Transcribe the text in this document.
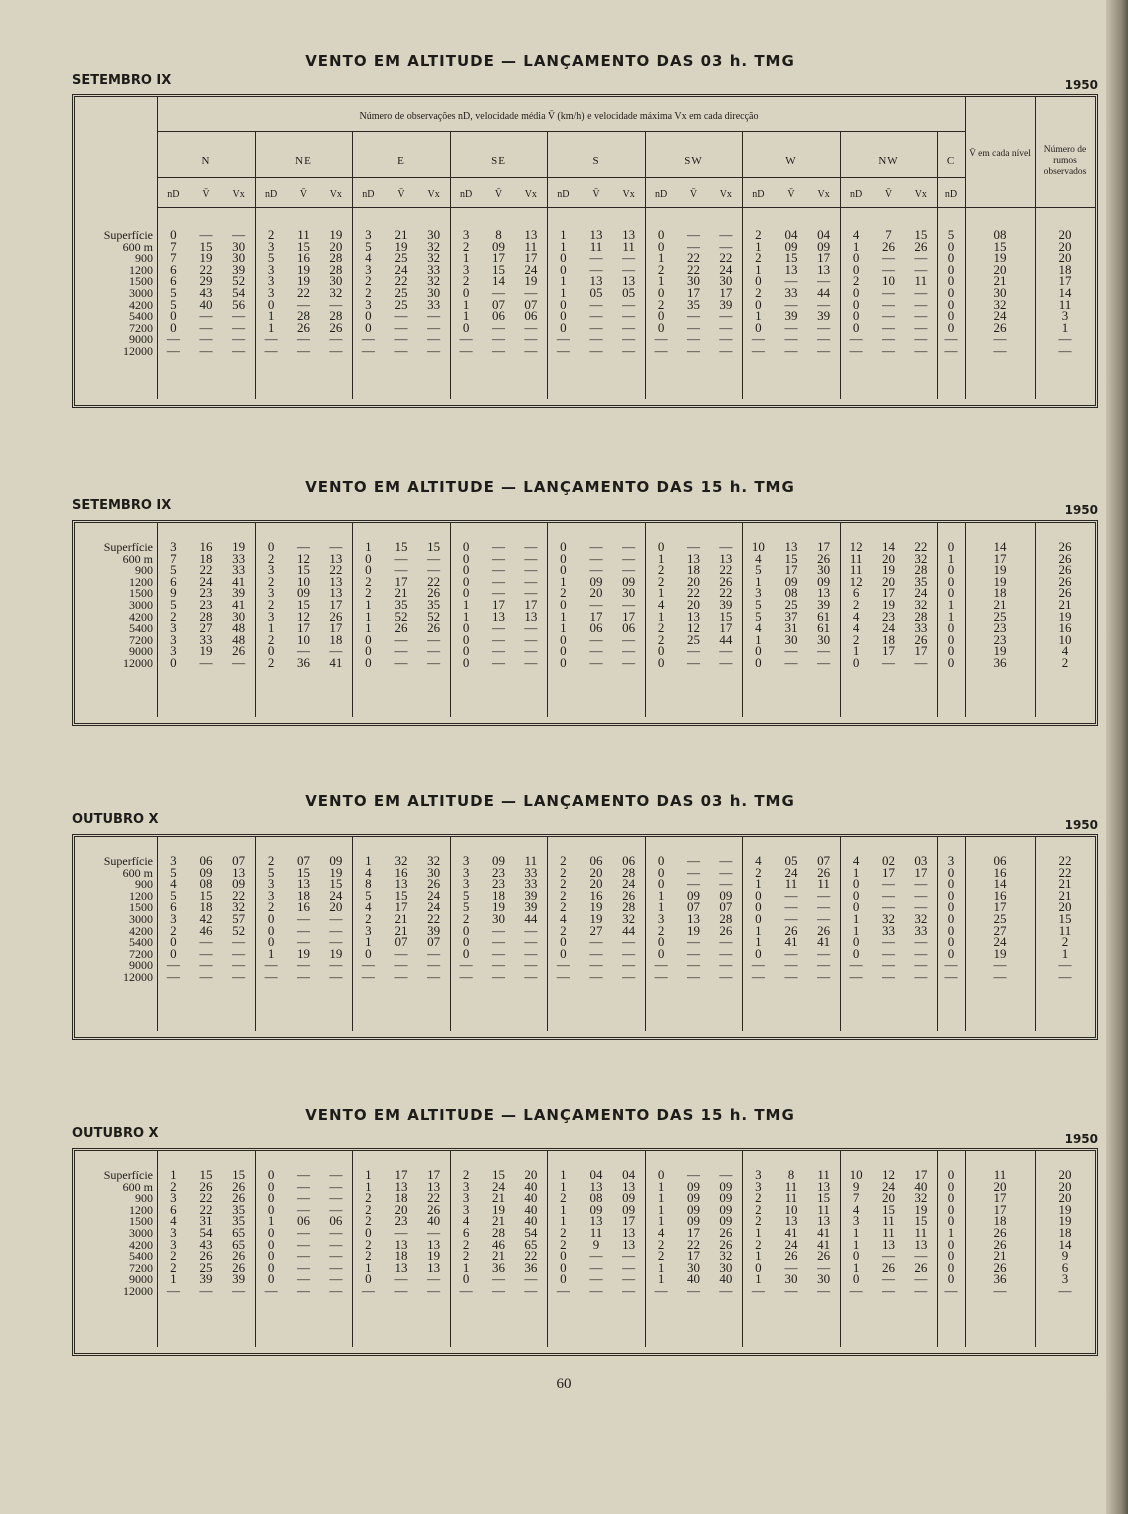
VENTO EM ALTITUDE — LANÇAMENTO DAS 03 h. TMG
SETEMBRO IX	1950
Número de observações nD, velocidade média V̄ (km/h) e velocidade máxima Vx em cada direcção
N	NE	E	SE	S	SW	W	NW	C
nD	V̄	Vx	nD	V̄	Vx	nD	V̄	Vx	nD	V̄	Vx	nD	V̄	Vx	nD	V̄	Vx	nD	V̄	Vx	nD	V̄	Vx	nD
V̄ em cada nível	Número de rumos observados
Superfície	0	—	—	2	11	19	3	21	30	3	8	13	1	13	13	0	—	—	2	04	04	4	7	15	5	08	20
600 m	7	15	30	3	15	20	5	19	32	2	09	11	1	11	11	0	—	—	1	09	09	1	26	26	0	15	20
900	7	19	30	5	16	28	4	25	32	1	17	17	0	—	—	1	22	22	2	15	17	0	—	—	0	19	20
1200	6	22	39	3	19	28	3	24	33	3	15	24	0	—	—	2	22	24	1	13	13	0	—	—	0	20	18
1500	6	29	52	3	19	30	2	22	32	2	14	19	1	13	13	1	30	30	0	—	—	2	10	11	0	21	17
3000	5	43	54	3	22	32	2	25	30	0	—	—	1	05	05	0	17	17	2	33	44	0	—	—	0	30	14
4200	5	40	56	0	—	—	3	25	33	1	07	07	0	—	—	2	35	39	0	—	—	0	—	—	0	32	11
5400	0	—	—	1	28	28	0	—	—	1	06	06	0	—	—	0	—	—	1	39	39	0	—	—	0	24	3
7200	0	—	—	1	26	26	0	—	—	0	—	—	0	—	—	0	—	—	0	—	—	0	—	—	0	26	1
9000	—	—	—	—	—	—	—	—	—	—	—	—	—	—	—	—	—	—	—	—	—	—	—	—	—	—	—
12000	—	—	—	—	—	—	—	—	—	—	—	—	—	—	—	—	—	—	—	—	—	—	—	—	—	—	—
VENTO EM ALTITUDE — LANÇAMENTO DAS 15 h. TMG
SETEMBRO IX	1950
Superfície	3	16	19	0	—	—	1	15	15	0	—	—	0	—	—	0	—	—	10	13	17	12	14	22	0	14	26
600 m	7	18	33	2	12	13	0	—	—	0	—	—	0	—	—	1	13	13	4	15	26	11	20	32	1	17	26
900	5	22	33	3	15	22	0	—	—	0	—	—	0	—	—	2	18	22	5	17	30	11	19	28	0	19	26
1200	6	24	41	2	10	13	2	17	22	0	—	—	1	09	09	2	20	26	1	09	09	12	20	35	0	19	26
1500	9	23	39	3	09	13	2	21	26	0	—	—	2	20	30	1	22	22	3	08	13	6	17	24	0	18	26
3000	5	23	41	2	15	17	1	35	35	1	17	17	0	—	—	4	20	39	5	25	39	2	19	32	1	21	21
4200	2	28	30	3	12	26	1	52	52	1	13	13	1	17	17	1	13	15	5	37	61	4	23	28	1	25	19
5400	3	27	48	1	17	17	1	26	26	0	—	—	1	06	06	2	12	17	4	31	61	4	24	33	0	23	16
7200	3	33	48	2	10	18	0	—	—	0	—	—	0	—	—	2	25	44	1	30	30	2	18	26	0	23	10
9000	3	19	26	0	—	—	0	—	—	0	—	—	0	—	—	0	—	—	0	—	—	1	17	17	0	19	4
12000	0	—	—	2	36	41	0	—	—	0	—	—	0	—	—	0	—	—	0	—	—	0	—	—	0	36	2
VENTO EM ALTITUDE — LANÇAMENTO DAS 03 h. TMG
OUTUBRO X	1950
Superfície	3	06	07	2	07	09	1	32	32	3	09	11	2	06	06	0	—	—	4	05	07	4	02	03	3	06	22
600 m	5	09	13	5	15	19	4	16	30	3	23	33	2	20	28	0	—	—	2	24	26	1	17	17	0	16	22
900	4	08	09	3	13	15	8	13	26	3	23	33	2	20	24	0	—	—	1	11	11	0	—	—	0	14	21
1200	5	15	22	3	18	24	5	15	24	5	18	39	2	16	26	1	09	09	0	—	—	0	—	—	0	16	21
1500	6	18	32	2	16	20	4	17	24	5	19	39	2	19	28	1	07	07	0	—	—	0	—	—	0	17	20
3000	3	42	57	0	—	—	2	21	22	2	30	44	4	19	32	3	13	28	0	—	—	1	32	32	0	25	15
4200	2	46	52	0	—	—	3	21	39	0	—	—	2	27	44	2	19	26	1	26	26	1	33	33	0	27	11
5400	0	—	—	0	—	—	1	07	07	0	—	—	0	—	—	0	—	—	1	41	41	0	—	—	0	24	2
7200	0	—	—	1	19	19	0	—	—	0	—	—	0	—	—	0	—	—	0	—	—	0	—	—	0	19	1
9000	—	—	—	—	—	—	—	—	—	—	—	—	—	—	—	—	—	—	—	—	—	—	—	—	—	—	—
12000	—	—	—	—	—	—	—	—	—	—	—	—	—	—	—	—	—	—	—	—	—	—	—	—	—	—	—
VENTO EM ALTITUDE — LANÇAMENTO DAS 15 h. TMG
OUTUBRO X	1950
Superfície	1	15	15	0	—	—	1	17	17	2	15	20	1	04	04	0	—	—	3	8	11	10	12	17	0	11	20
600 m	2	26	26	0	—	—	1	13	13	3	24	40	1	13	13	1	09	09	3	11	13	9	24	40	0	20	20
900	3	22	26	0	—	—	2	18	22	3	21	40	2	08	09	1	09	09	2	11	15	7	20	32	0	17	20
1200	6	22	35	0	—	—	2	20	26	3	19	40	1	09	09	1	09	09	2	10	11	4	15	19	0	17	19
1500	4	31	35	1	06	06	2	23	40	4	21	40	1	13	17	1	09	09	2	13	13	3	11	15	0	18	19
3000	3	54	65	0	—	—	0	—	—	6	28	54	2	11	13	4	17	26	1	41	41	1	11	11	1	26	18
4200	3	43	65	0	—	—	2	13	13	2	46	65	2	9	13	2	22	26	2	24	41	1	13	13	0	26	14
5400	2	26	26	0	—	—	2	18	19	2	21	22	0	—	—	2	17	32	1	26	26	0	—	—	0	21	9
7200	2	25	26	0	—	—	1	13	13	1	36	36	0	—	—	1	30	30	0	—	—	1	26	26	0	26	6
9000	1	39	39	0	—	—	0	—	—	0	—	—	0	—	—	1	40	40	1	30	30	0	—	—	0	36	3
12000	—	—	—	—	—	—	—	—	—	—	—	—	—	—	—	—	—	—	—	—	—	—	—	—	—	—	—
60
